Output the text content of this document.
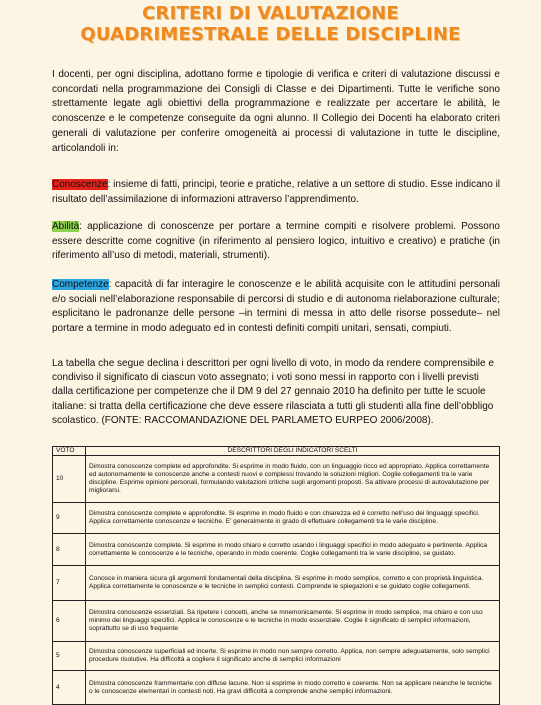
CRITERI DI VALUTAZIONE
QUADRIMESTRALE DELLE DISCIPLINE

I docenti, per ogni disciplina, adottano forme e tipologie di verifica e criteri di valutazione discussi e concordati nella programmazione dei Consigli di Classe e dei Dipartimenti. Tutte le verifiche sono strettamente legate agli obiettivi della programmazione e realizzate per accertare le abilità, le conoscenze e le competenze conseguite da ogni alunno. Il Collegio dei Docenti ha elaborato criteri generali di valutazione per conferire omogeneità ai processi di valutazione in tutte le discipline, articolandoli in:

Conoscenze: insieme di fatti, principi, teorie e pratiche, relative a un settore di studio. Esse indicano il risultato dell’assimilazione di informazioni attraverso l’apprendimento.

Abilità: applicazione di conoscenze per portare a termine compiti e risolvere problemi. Possono essere descritte come cognitive (in riferimento al pensiero logico, intuitivo e creativo) e pratiche (in riferimento all’uso di metodi, materiali, strumenti).

Competenze: capacità di far interagire le conoscenze e le abilità acquisite con le attitudini personali e/o sociali nell’elaborazione responsabile di percorsi di studio e di autonoma rielaborazione culturale; esplicitano le padronanze delle persone –in termini di messa in atto delle risorse possedute– nel portare a termine in modo adeguato ed in contesti definiti compiti unitari, sensati, compiuti.

La tabella che segue declina i descrittori per ogni livello di voto, in modo da rendere comprensibile e condiviso il significato di ciascun voto assegnato; i voti sono messi in rapporto con i livelli previsti dalla certificazione per competenze che il DM 9 del 27 gennaio 2010 ha definito per tutte le scuole italiane: si tratta della certificazione che deve essere rilasciata a tutti gli studenti alla fine dell’obbligo scolastico. (FONTE: RACCOMANDAZIONE DEL PARLAMETO EURPEO 2006/2008).

VOTO	DESCRITTORI DEGLI INDICATORI SCELTI
10	Dimostra conoscenze complete ed approfondite. Si esprime in modo fluido, con un linguaggio ricco ed appropriato. Applica correttamente ed autonomamente le conoscenze anche a contesti nuovi e complessi trovando le soluzioni migliori. Coglie collegamenti tra le varie discipline. Esprime opinioni personali, formulando valutazioni critiche sugli argomenti proposti. Sa attivare processi di autovalutazione per migliorarsi.
9	Dimostra conoscenze complete e approfondite. Si esprime in modo fluido e con chiarezza ed è corretto nell’uso dei linguaggi specifici. Applica correttamente conoscenze e tecniche. E’ generalmente in grado di effettuare collegamenti tra le varie discipline.
8	Dimostra conoscenze complete. Si esprime in modo chiaro e corretto usando i linguaggi specifici in modo adeguato e pertinente. Applica correttamente le conoscenze e le tecniche, operando in modo coerente. Coglie collegamenti tra le varie discipline, se guidato.
7	Conosce in maniera sicura gli argomenti fondamentali della disciplina. Si esprime in modo semplice, corretto e con proprietà linguistica. Applica correttamente le conoscenze e le tecniche in semplici contesti. Comprende le spiegazioni e se guidato coglie collegamenti.
6	Dimostra conoscenze essenziali. Sa ripetere i concetti, anche se mnemonicamente. Si esprime in modo semplice, ma chiaro e con uso minimo dei linguaggi specifici. Applica le conoscenze e le tecniche in modo essenziale. Coglie il significato di semplici informazioni, soprattutto se di uso frequente
5	Dimostra conoscenze superficiali ed incerte. Si esprime in modo non sempre corretto. Applica, non sempre adeguatamente, solo semplici procedure risolutive. Ha difficoltà a cogliere il significato anche di semplici informazioni
4	Dimostra conoscenze frammentarie con diffuse lacune. Non si esprime in modo corretto e coerente. Non sa applicare neanche le tecniche o le conoscenze elementari in contesti noti. Ha gravi difficoltà a comprende anche semplici informazioni.
